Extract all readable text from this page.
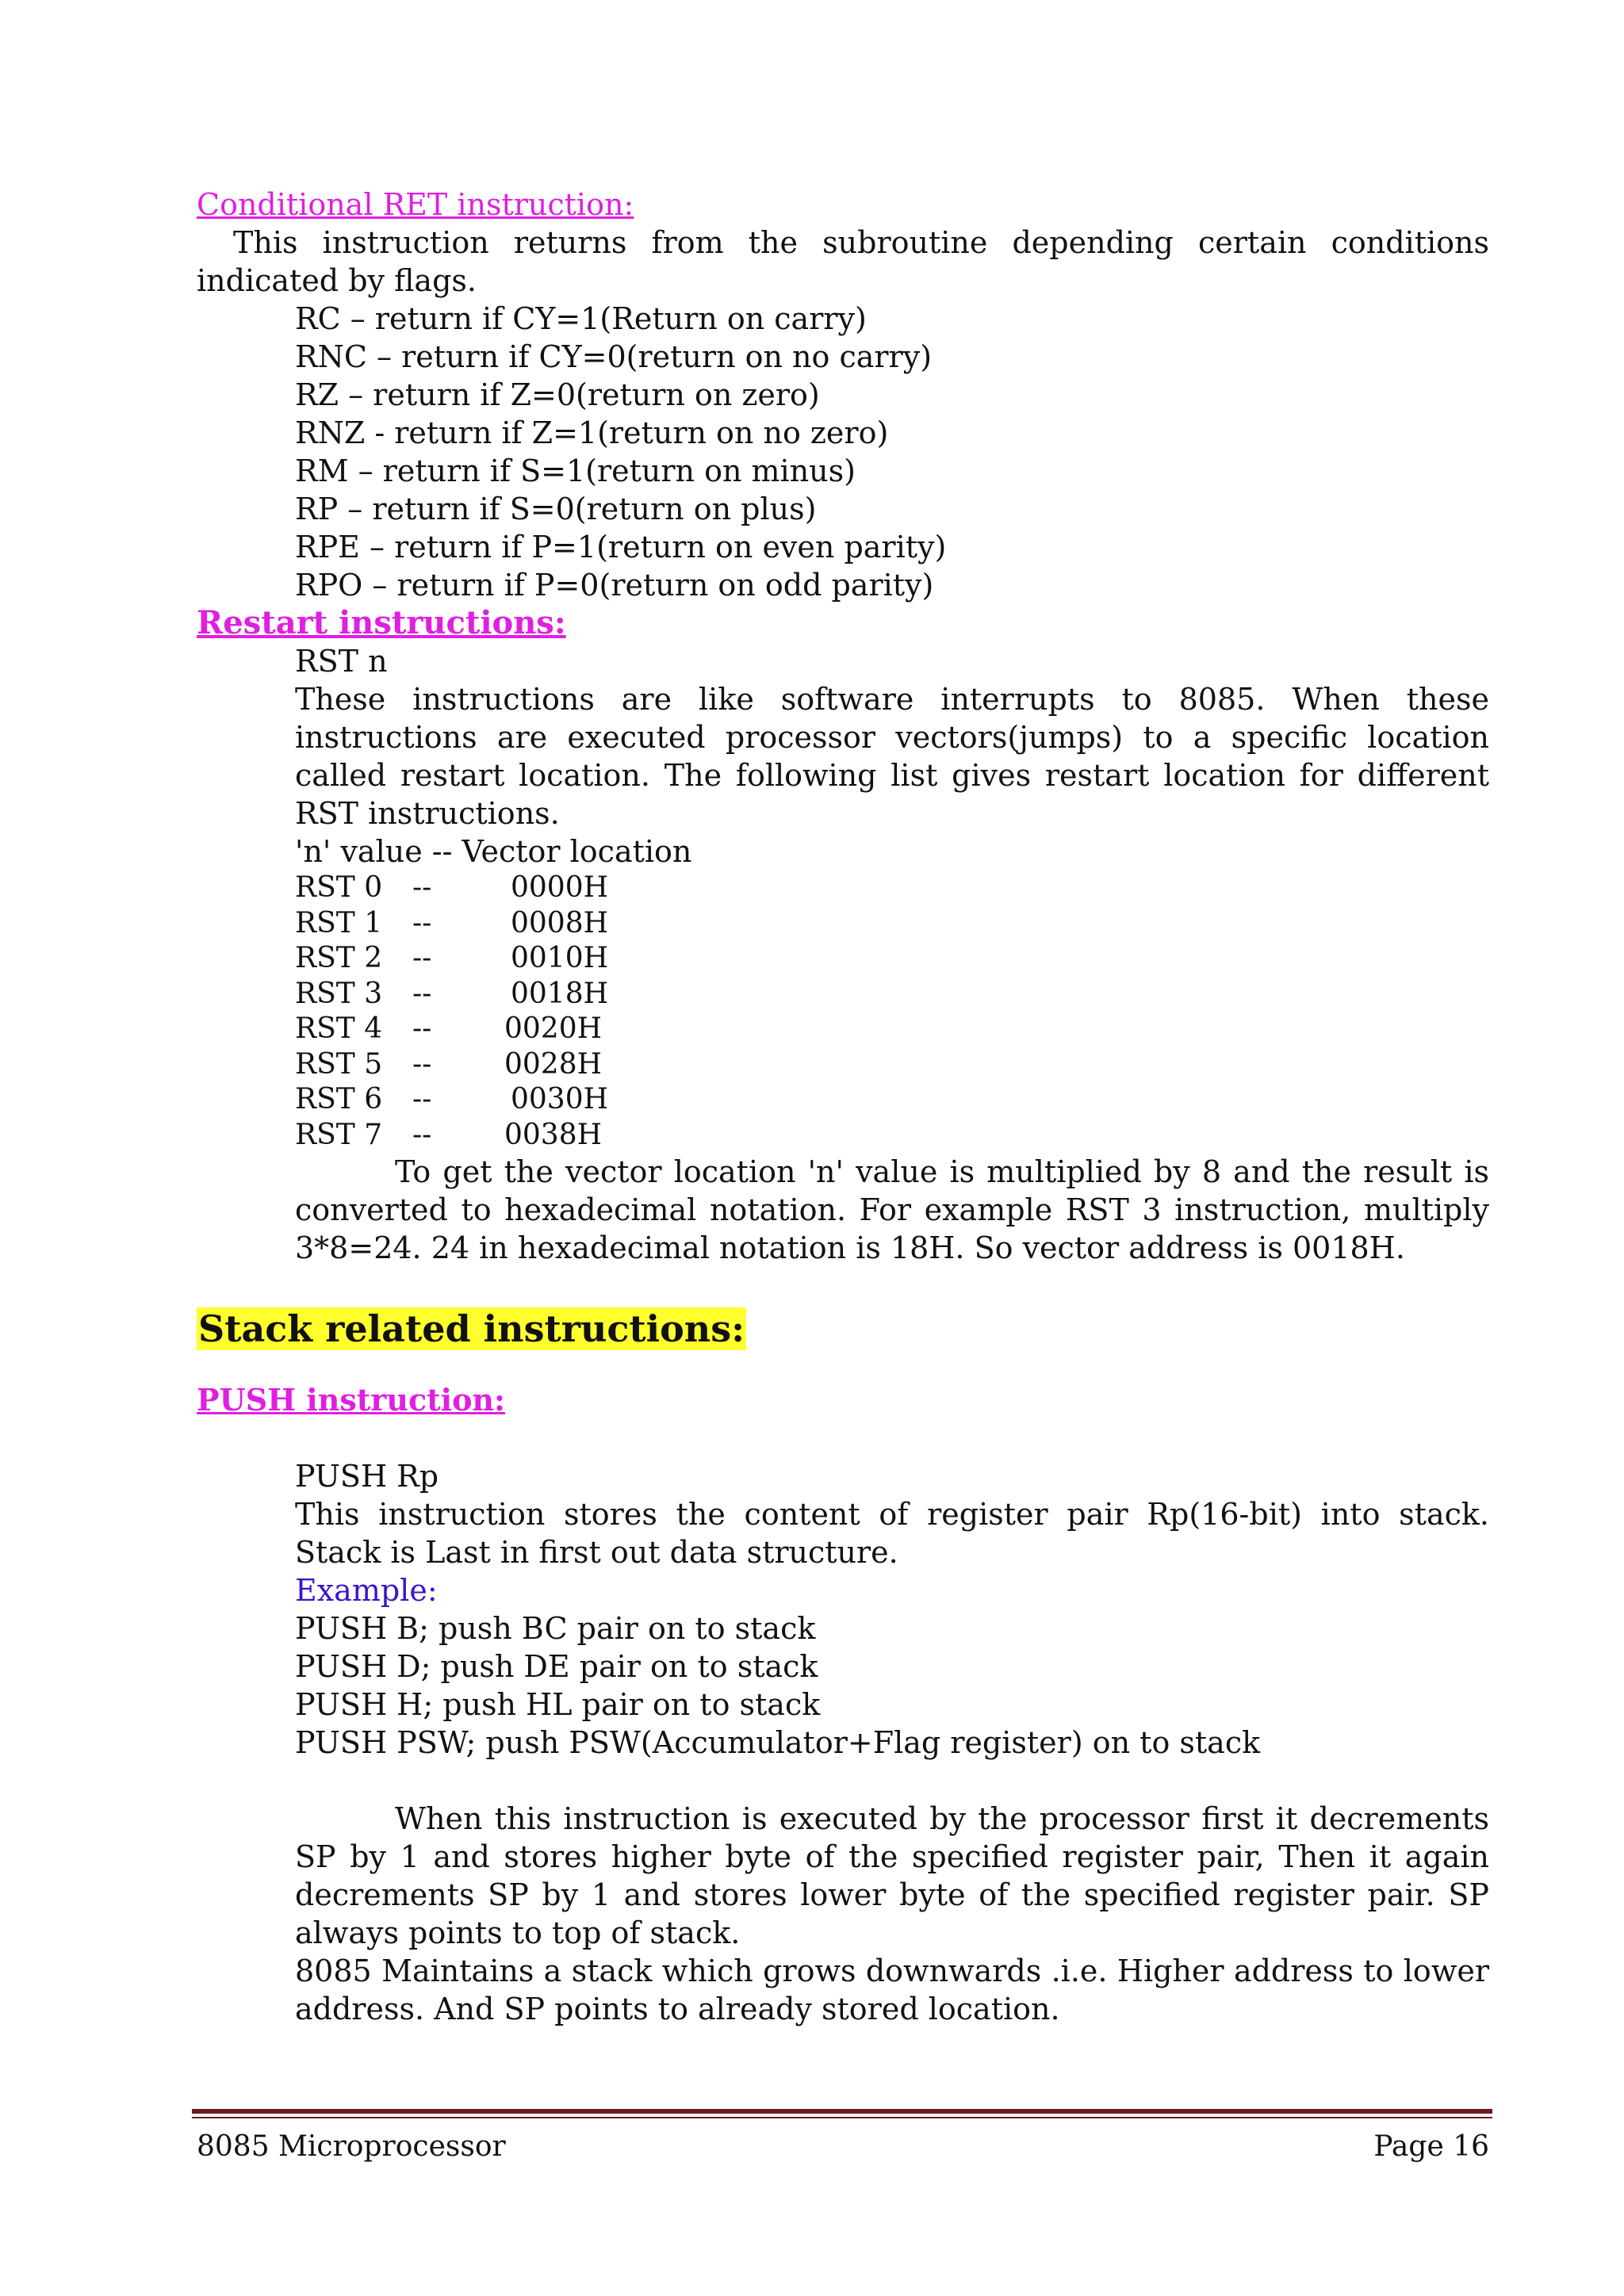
Conditional RET instruction:

This instruction returns from the subroutine depending certain conditions indicated by flags.

RC – return if CY=1(Return on carry)

RNC – return if CY=0(return on no carry)

RZ – return if Z=0(return on zero)

RNZ - return if Z=1(return on no zero)

RM – return if S=1(return on minus)

RP – return if S=0(return on plus)

RPE – return if P=1(return on even parity)

RPO – return if P=0(return on odd parity)

Restart instructions:

RST n

These instructions are like software interrupts to 8085. When these instructions are executed processor vectors(jumps) to a specific location called restart location. The following list gives restart location for different RST instructions.

'n' value -- Vector location

RST 0	--	0000H
RST 1	--	0008H
RST 2	--	0010H
RST 3	--	0018H
RST 4	--	0020H
RST 5	--	0028H
RST 6	--	0030H
RST 7	--	0038H

To get the vector location 'n' value is multiplied by 8 and the result is converted to hexadecimal notation. For example RST 3 instruction, multiply 3*8=24. 24 in hexadecimal notation is 18H. So vector address is 0018H.

Stack related instructions:

PUSH instruction:

PUSH Rp

This instruction stores the content of register pair Rp(16-bit) into stack. Stack is Last in first out data structure.

Example:

PUSH B; push BC pair on to stack

PUSH D; push DE pair on to stack

PUSH H; push HL pair on to stack

PUSH PSW; push PSW(Accumulator+Flag register) on to stack

When this instruction is executed by the processor first it decrements SP by 1 and stores higher byte of the specified register pair, Then it again decrements SP by 1 and stores lower byte of the specified register pair. SP always points to top of stack.

8085 Maintains a stack which grows downwards .i.e. Higher address to lower address. And SP points to already stored location.

8085 Microprocessor	Page 16
